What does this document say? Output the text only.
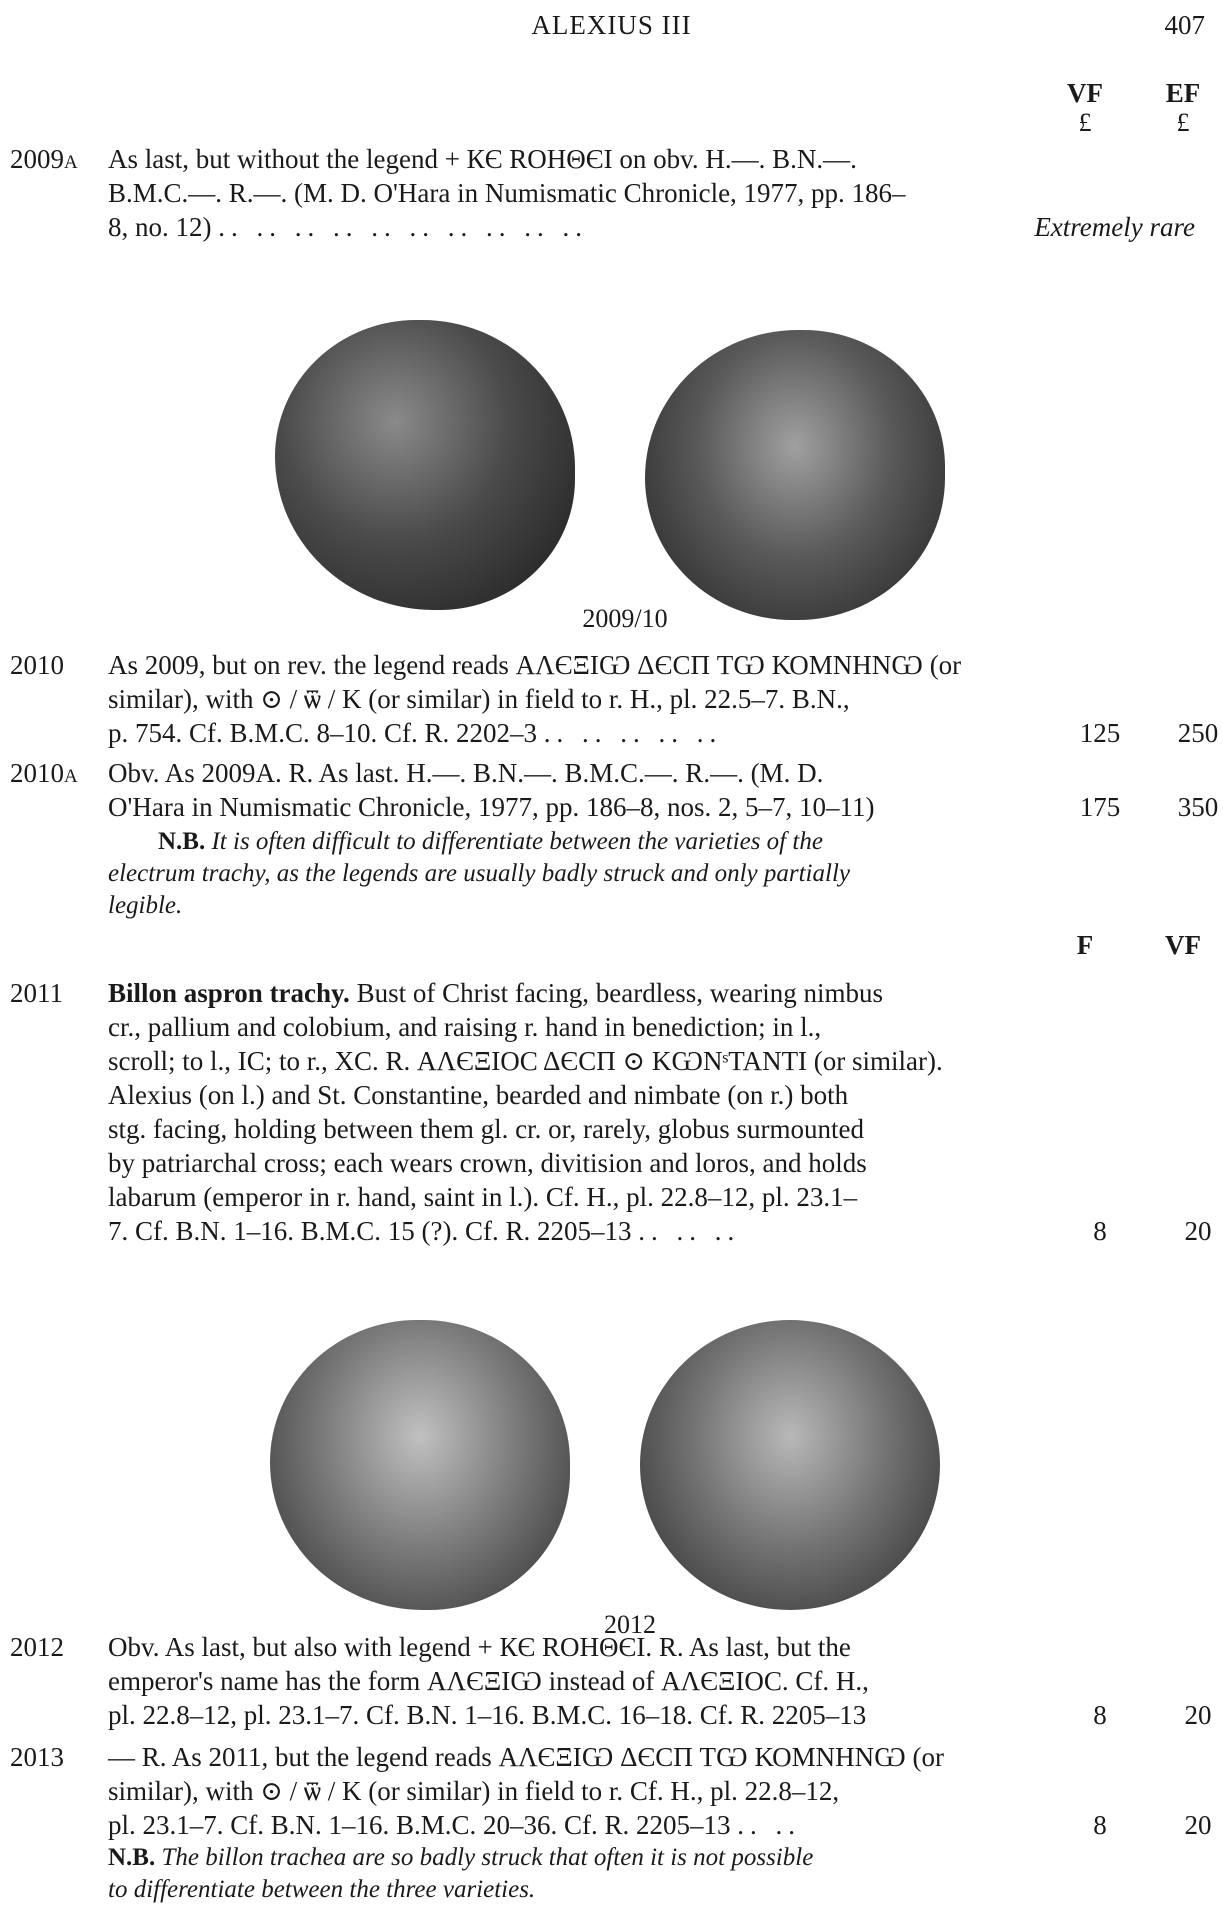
ALEXIUS III	407
VF	EF
£	£
2009A	As last, but without the legend + КЄ ROHΘЄI on obv. H.—. B.N.—.
B.M.C.—. R.—. (M. D. O'Hara in Numismatic Chronicle, 1977, pp. 186–
8, no. 12) .. .. .. .. .. .. .. .. .. ..	Extremely rare
2009/10
2010	As 2009, but on rev. the legend reads ΑΛЄΞΙѠ ΔЄСП ΤѠ ΚΟΜΝΗΝѠ (or
similar), with ⊙ / ѿ / K (or similar) in field to r. H., pl. 22.5–7. B.N.,
p. 754. Cf. B.M.C. 8–10. Cf. R. 2202–3 .. .. .. .. ..	125	250
2010A	Obv. As 2009A. R. As last. H.—. B.N.—. B.M.C.—. R.—. (M. D.
O'Hara in Numismatic Chronicle, 1977, pp. 186–8, nos. 2, 5–7, 10–11)	175	350
N.B. It is often difficult to differentiate between the varieties of the
electrum trachy, as the legends are usually badly struck and only partially
legible.
F	VF
2011	Billon aspron trachy. Bust of Christ facing, beardless, wearing nimbus
cr., pallium and colobium, and raising r. hand in benediction; in l.,
scroll; to l., IC; to r., XC. R. ΑΛЄΞΙΟϹ ΔЄСП ⊙ ΚѠΝˢΤΑΝΤΙ (or similar).
Alexius (on l.) and St. Constantine, bearded and nimbate (on r.) both
stg. facing, holding between them gl. cr. or, rarely, globus surmounted
by patriarchal cross; each wears crown, divitision and loros, and holds
labarum (emperor in r. hand, saint in l.). Cf. H., pl. 22.8–12, pl. 23.1–
7. Cf. B.N. 1–16. B.M.C. 15 (?). Cf. R. 2205–13 .. .. ..	8	20
2012
2012	Obv. As last, but also with legend + КЄ ROHΘЄI. R. As last, but the
emperor's name has the form ΑΛЄΞΙѠ instead of ΑΛЄΞΙΟϹ. Cf. H.,
pl. 22.8–12, pl. 23.1–7. Cf. B.N. 1–16. B.M.C. 16–18. Cf. R. 2205–13	8	20
2013	— R. As 2011, but the legend reads ΑΛЄΞΙѠ ΔЄСП ΤѠ ΚΟΜΝΗΝѠ (or
similar), with ⊙ / ѿ / K (or similar) in field to r. Cf. H., pl. 22.8–12,
pl. 23.1–7. Cf. B.N. 1–16. B.M.C. 20–36. Cf. R. 2205–13 .. ..	8	20
N.B. The billon trachea are so badly struck that often it is not possible
to differentiate between the three varieties.
